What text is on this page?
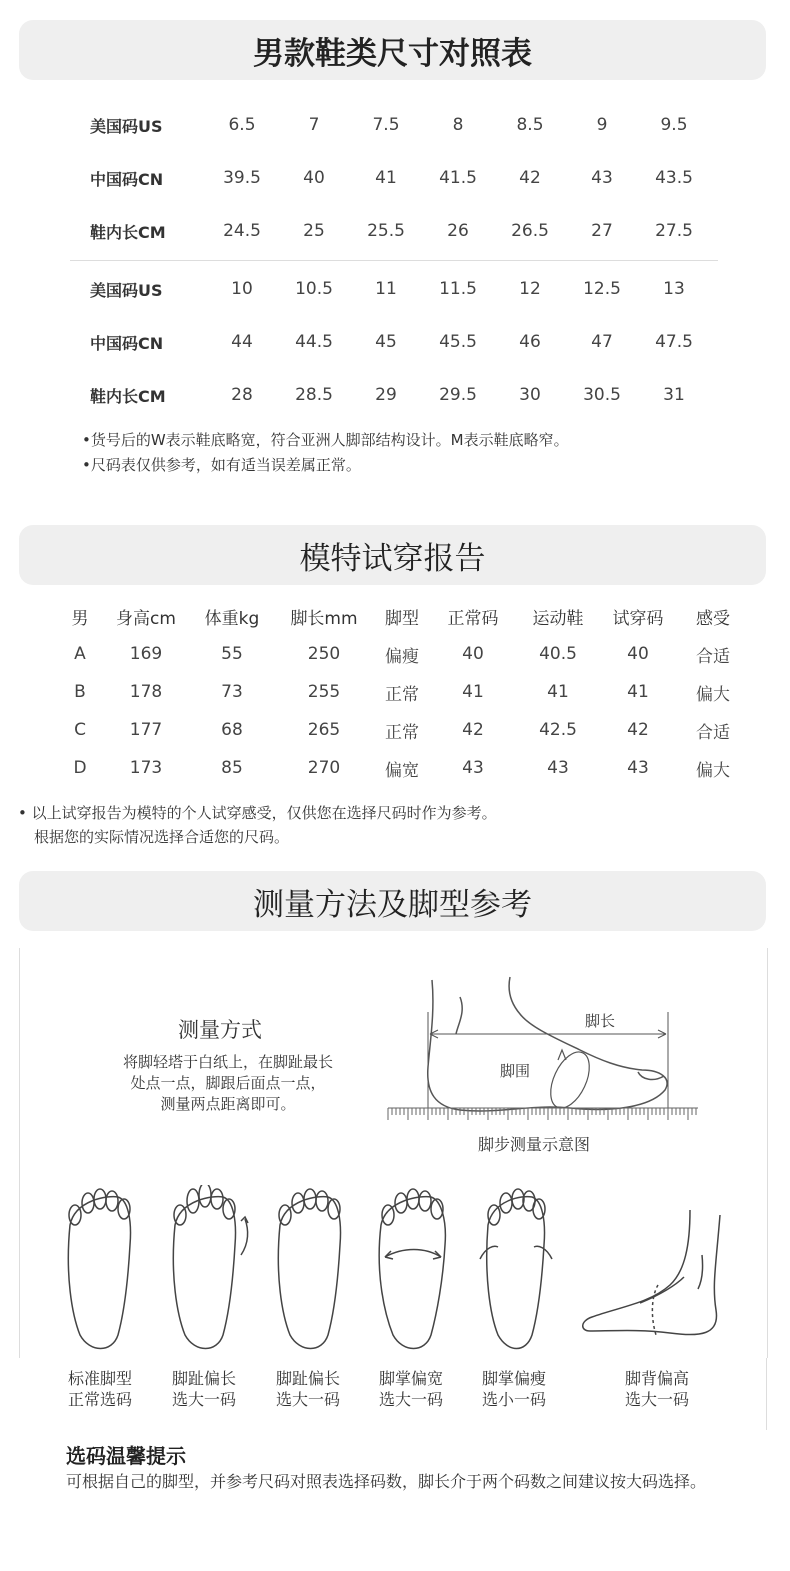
男款鞋类尺寸对照表
美国码US	6.5	7	7.5	8	8.5	9	9.5
中国码CN	39.5	40	41	41.5	42	43	43.5
鞋内长CM	24.5	25	25.5	26	26.5	27	27.5
美国码US	10	10.5	11	11.5	12	12.5	13
中国码CN	44	44.5	45	45.5	46	47	47.5
鞋内长CM	28	28.5	29	29.5	30	30.5	31
•货号后的W表示鞋底略宽，符合亚洲人脚部结构设计。M表示鞋底略窄。
•尺码表仅供参考，如有适当误差属正常。
模特试穿报告
男	身高cm	体重kg	脚长mm	脚型	正常码	运动鞋	试穿码	感受
A	169	55	250	偏瘦	40	40.5	40	合适
B	178	73	255	正常	41	41	41	偏大
C	177	68	265	正常	42	42.5	42	合适
D	173	85	270	偏宽	43	43	43	偏大
• 以上试穿报告为模特的个人试穿感受，仅供您在选择尺码时作为参考。
根据您的实际情况选择合适您的尺码。
测量方法及脚型参考
测量方式
将脚轻塔于白纸上，在脚趾最长
处点一点，脚跟后面点一点，
测量两点距离即可。
脚长
脚围
脚步测量示意图
标准脚型
正常选码
脚趾偏长
选大一码
脚趾偏长
选大一码
脚掌偏宽
选大一码
脚掌偏瘦
选小一码
脚背偏高
选大一码
选码温馨提示
可根据自己的脚型，并参考尺码对照表选择码数，脚长介于两个码数之间建议按大码选择。
